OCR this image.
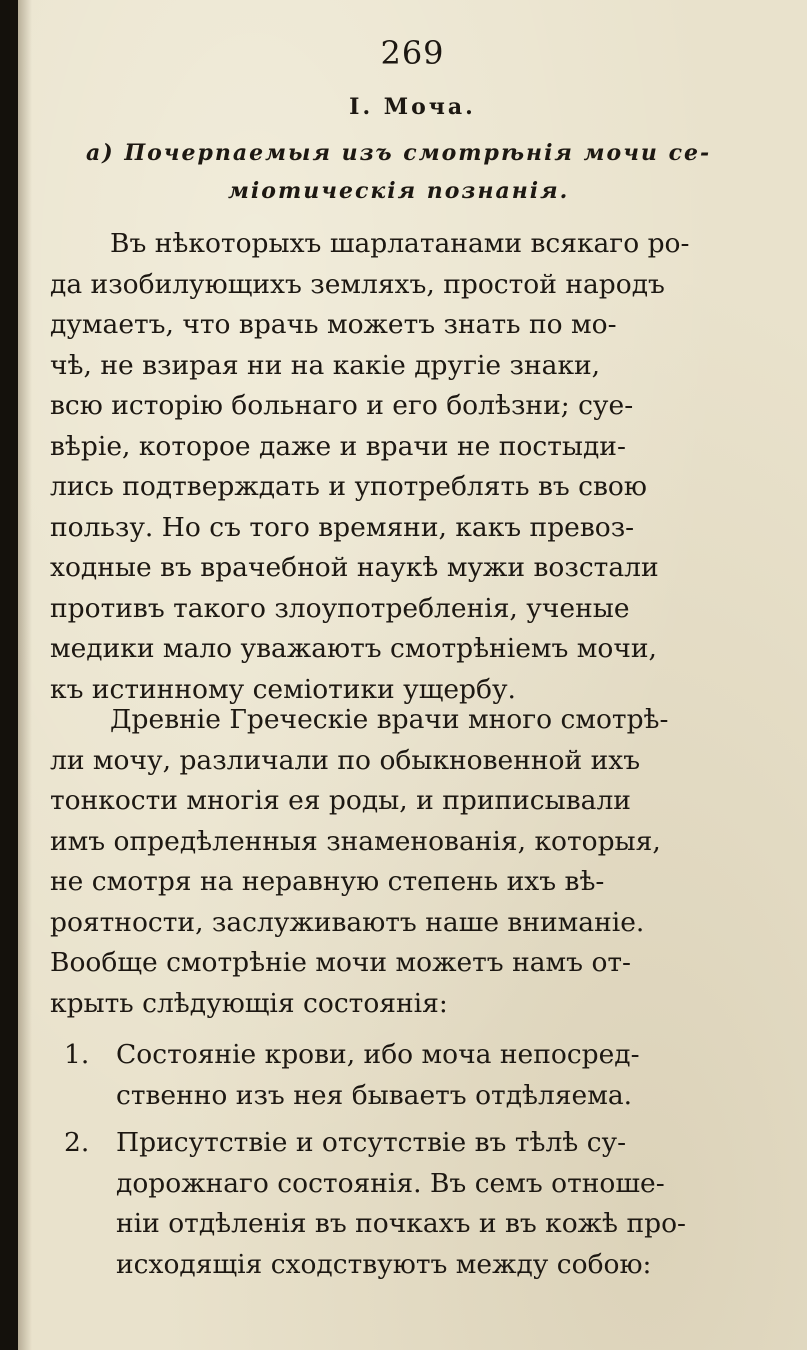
269
I. Моча.
а) Почерпаемыя изъ смотрѣнія мочи се-
міотическія познанія.
Въ нѣкоторыхъ шарлатанами всякаго ро-
да изобилующихъ земляхъ, простой народъ
думаетъ, что врачь можетъ знать по мо-
чѣ, не взирая ни на какіе другіе знаки,
всю исторію больнаго и его болѣзни; суе-
вѣріе, которое даже и врачи не постыди-
лись подтверждать и употреблять въ свою
пользу. Но съ того времяни, какъ превоз-
ходные въ врачебной наукѣ мужи возстали
противъ такого злоупотребленія, ученые
медики мало уважаютъ смотрѣніемъ мочи,
къ истинному семіотики ущербу.
Древніе Греческіе врачи много смотрѣ-
ли мочу, различали по обыкновенной ихъ
тонкости многія ея роды, и приписывали
имъ опредѣленныя знаменованія, которыя,
не смотря на неравную степень ихъ вѣ-
роятности, заслуживаютъ наше вниманіе.
Вообще смотрѣніе мочи можетъ намъ от-
крыть слѣдующія состоянія:
1.	Состояніе крови, ибо моча непосред-
ственно изъ нея бываетъ отдѣляема.
2.	Присутствіе и отсутствіе въ тѣлѣ су-
дорожнаго состоянія. Въ семъ отноше-
ніи отдѣленія въ почкахъ и въ кожѣ про-
исходящія сходствуютъ между собою:
